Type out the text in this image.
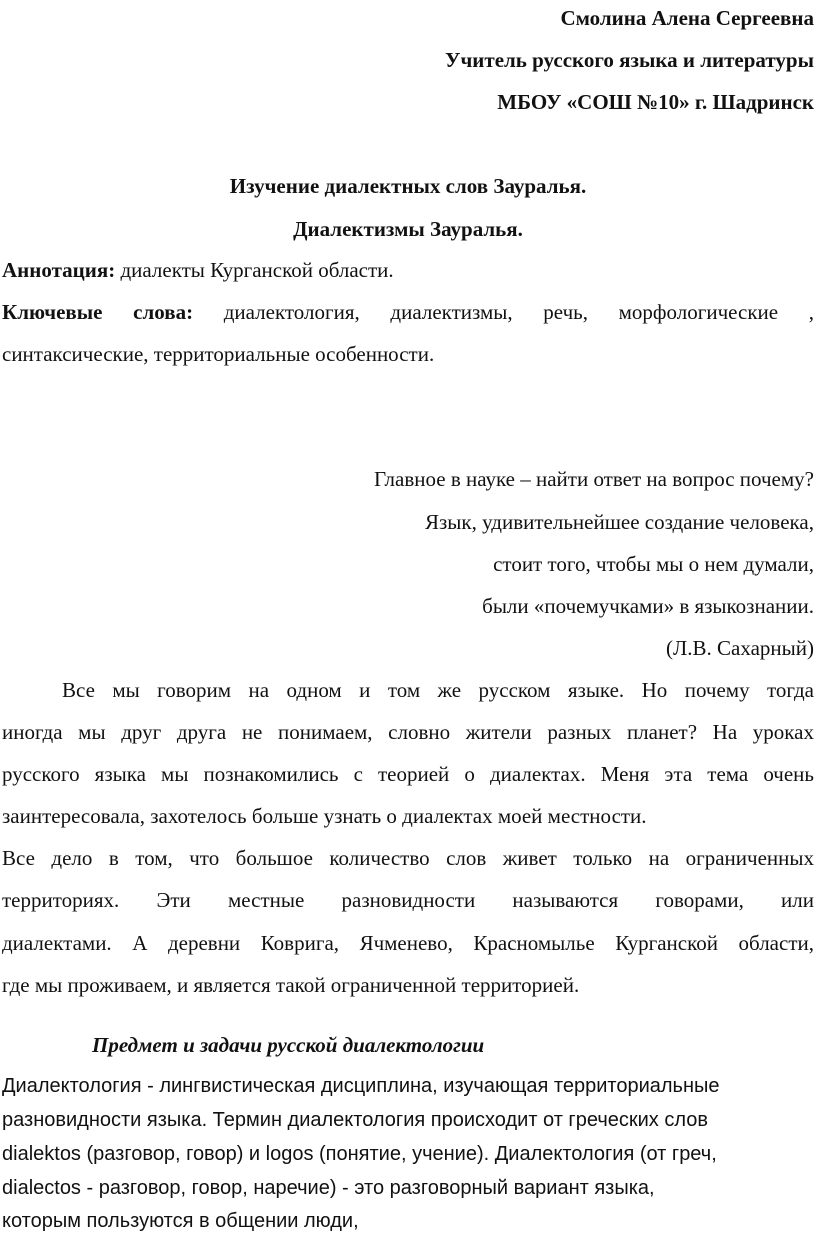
Смолина Алена Сергеевна
Учитель русского языка и литературы
МБОУ «СОШ №10» г. Шадринск
Изучение диалектных слов Зауралья.
Диалектизмы Зауралья.
Аннотация: диалекты Курганской области.
Ключевые слова: диалектология, диалектизмы, речь, морфологические ,
синтаксические, территориальные особенности.
Главное в науке – найти ответ на вопрос почему?
Язык, удивительнейшее создание человека,
стоит того, чтобы мы о нем думали,
были «почемучками» в языкознании.
(Л.В. Сахарный)
Все мы говорим на одном и том же русском языке. Но почему тогда
иногда мы друг друга не понимаем, словно жители разных планет? На уроках
русского языка мы познакомились с теорией о диалектах. Меня эта тема очень
заинтересовала, захотелось больше узнать о диалектах моей местности.
Все дело в том, что большое количество слов живет только на ограниченных
территориях. Эти местные разновидности называются говорами, или
диалектами. А деревни Коврига, Ячменево, Красномылье Курганской области,
где мы проживаем, и является такой ограниченной территорией.
Предмет и задачи русской диалектологии
Диалектология - лингвистическая дисциплина, изучающая территориальные
разновидности языка. Термин диалектология происходит от греческих слов
dialektos (разговор, говор) и logos (понятие, учение). Диалектология (от греч,
dialectos - разговор, говор, наречие) - это разговорный вариант языка,
которым пользуются в общении люди,
